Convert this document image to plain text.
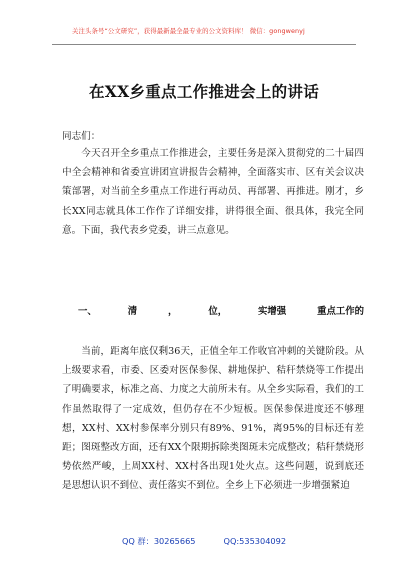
关注头条号“公文研究”，获得最新最全最专业的公文资料库！ 微信：gongwenyj
在XX乡重点工作推进会上的讲话
同志们：

今天召开全乡重点工作推进会，主要任务是深入贯彻党的二十届四中全会精神和省委宣讲团宣讲报告会精神，全面落实市、区有关会议决策部署，对当前全乡重点工作进行再动员、再部署、再推进。刚才，乡长XX同志就具体工作作了详细安排，讲得很全面、很具体，我完全同意。下面，我代表乡党委，讲三点意见。

一、	清	，	位，	实增强	重点工作的

当前，距离年底仅剩36天，正值全年工作收官冲刺的关键阶段。从上级要求看，市委、区委对医保参保、耕地保护、秸秆禁烧等工作提出了明确要求，标准之高、力度之大前所未有。从全乡实际看，我们的工作虽然取得了一定成效，但仍存在不少短板。医保参保进度还不够理想，XX村、XX村参保率分别只有89%、91%，离95%的目标还有差距；图斑整改方面，还有XX个限期拆除类图斑未完成整改；秸秆禁烧形势依然严峻，上周XX村、XX村各出现1处火点。这些问题，说到底还是思想认识不到位、责任落实不到位。全乡上下必须进一步增强紧迫

QQ 群：30265665	QQ:535304092
